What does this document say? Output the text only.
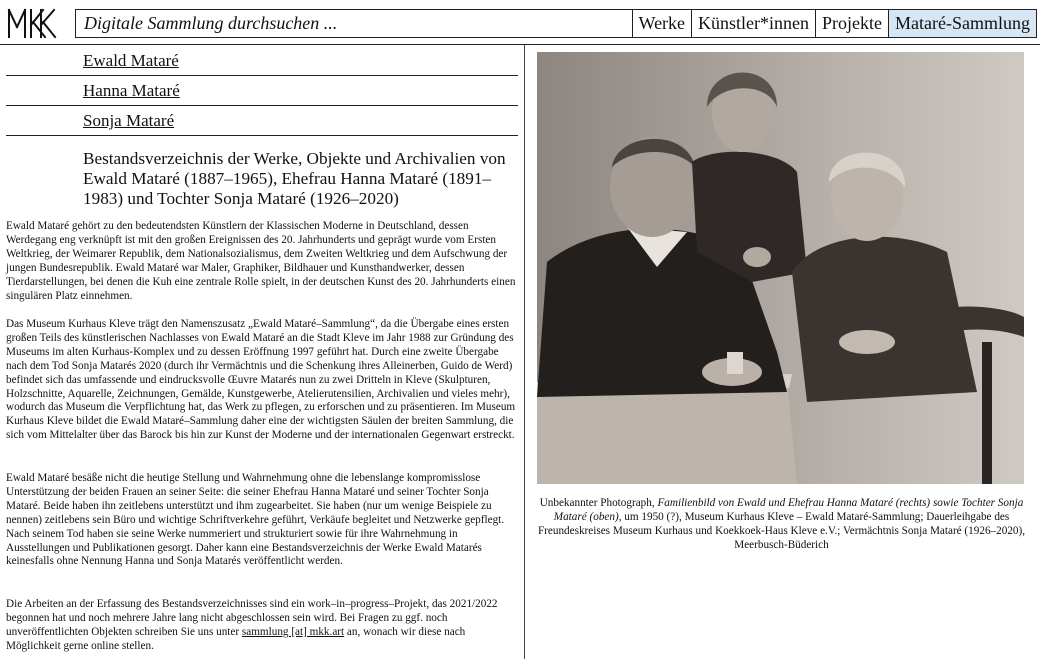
Digitale Sammlung durchsuchen ...
Werke Künstler*innen Projekte Mataré-Sammlung
Ewald Mataré
Hanna Mataré
Sonja Mataré
Bestandsverzeichnis der Werke, Objekte und Archivalien von Ewald Mataré (1887–1965), Ehefrau Hanna Mataré (1891–1983) und Tochter Sonja Mataré (1926–2020)

Ewald Mataré gehört zu den bedeutendsten Künstlern der Klassischen Moderne in Deutschland, dessen Werdegang eng verknüpft ist mit den großen Ereignissen des 20. Jahrhunderts und geprägt wurde vom Ersten Weltkrieg, der Weimarer Republik, dem Nationalsozialismus, dem Zweiten Weltkrieg und dem Aufschwung der jungen Bundesrepublik. Ewald Mataré war Maler, Graphiker, Bildhauer und Kunsthandwerker, dessen Tierdarstellungen, bei denen die Kuh eine zentrale Rolle spielt, in der deutschen Kunst des 20. Jahrhunderts einen singulären Platz einnehmen.

Das Museum Kurhaus Kleve trägt den Namenszusatz „Ewald Mataré–Sammlung“, da die Übergabe eines ersten großen Teils des künstlerischen Nachlasses von Ewald Mataré an die Stadt Kleve im Jahr 1988 zur Gründung des Museums im alten Kurhaus-Komplex und zu dessen Eröffnung 1997 geführt hat. Durch eine zweite Übergabe nach dem Tod Sonja Matarés 2020 (durch ihr Vermächtnis und die Schenkung ihres Alleinerben, Guido de Werd) befindet sich das umfassende und eindrucksvolle Œuvre Matarés nun zu zwei Dritteln in Kleve (Skulpturen, Holzschnitte, Aquarelle, Zeichnungen, Gemälde, Kunstgewerbe, Atelierutensilien, Archivalien und vieles mehr), wodurch das Museum die Verpflichtung hat, das Werk zu pflegen, zu erforschen und zu präsentieren. Im Museum Kurhaus Kleve bildet die Ewald Mataré–Sammlung daher eine der wichtigsten Säulen der breiten Sammlung, die sich vom Mittelalter über das Barock bis hin zur Kunst der Moderne und der internationalen Gegenwart erstreckt.

Ewald Mataré besäße nicht die heutige Stellung und Wahrnehmung ohne die lebenslange kompromisslose Unterstützung der beiden Frauen an seiner Seite: die seiner Ehefrau Hanna Mataré und seiner Tochter Sonja Mataré. Beide haben ihn zeitlebens unterstützt und ihm zugearbeitet. Sie haben (nur um wenige Beispiele zu nennen) zeitlebens sein Büro und wichtige Schriftverkehre geführt, Verkäufe begleitet und Netzwerke gepflegt. Nach seinem Tod haben sie seine Werke nummeriert und strukturiert sowie für ihre Wahrnehmung in Ausstellungen und Publikationen gesorgt. Daher kann eine Bestandsverzeichnis der Werke Ewald Matarés keinesfalls ohne Nennung Hanna und Sonja Matarés veröffentlicht werden.

Die Arbeiten an der Erfassung des Bestandsverzeichnisses sind ein work–in–progress–Projekt, das 2021/2022 begonnen hat und noch mehrere Jahre lang nicht abgeschlossen sein wird. Bei Fragen zu ggf. noch unveröffentlichten Objekten schreiben Sie uns unter sammlung [at] mkk.art an, wonach wir diese nach Möglichkeit gerne online stellen.

Unbekannter Photograph, Familienbild von Ewald und Ehefrau Hanna Mataré (rechts) sowie Tochter Sonja Mataré (oben), um 1950 (?), Museum Kurhaus Kleve – Ewald Mataré-Sammlung; Dauerleihgabe des Freundeskreises Museum Kurhaus und Koekkoek-Haus Kleve e.V.; Vermächtnis Sonja Mataré (1926–2020), Meerbusch-Büderich
